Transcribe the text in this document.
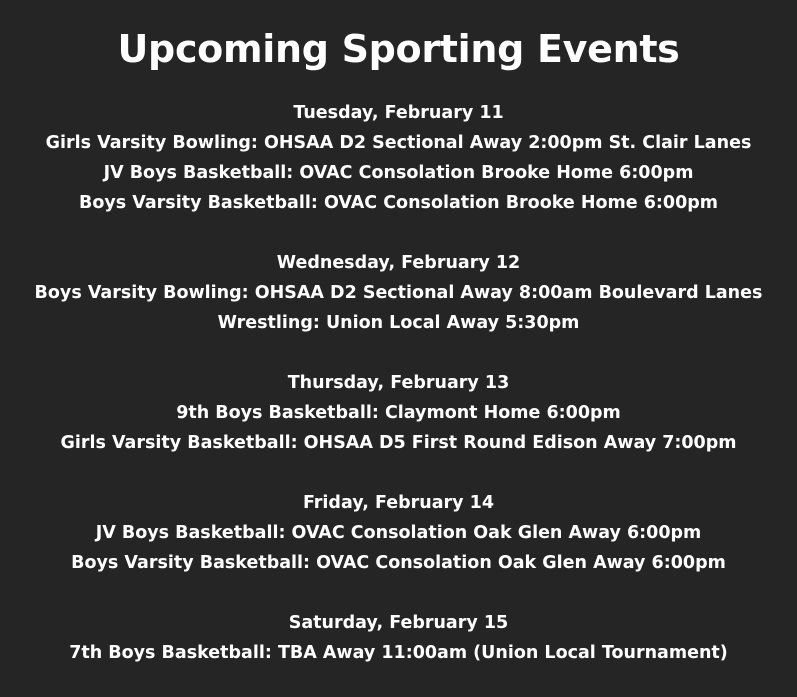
Upcoming Sporting Events
Tuesday, February 11
Girls Varsity Bowling: OHSAA D2 Sectional Away 2:00pm St. Clair Lanes
JV Boys Basketball: OVAC Consolation Brooke Home 6:00pm
Boys Varsity Basketball: OVAC Consolation Brooke Home 6:00pm
Wednesday, February 12
Boys Varsity Bowling: OHSAA D2 Sectional Away 8:00am Boulevard Lanes
Wrestling: Union Local Away 5:30pm
Thursday, February 13
9th Boys Basketball: Claymont Home 6:00pm
Girls Varsity Basketball: OHSAA D5 First Round Edison Away 7:00pm
Friday, February 14
JV Boys Basketball: OVAC Consolation Oak Glen Away 6:00pm
Boys Varsity Basketball: OVAC Consolation Oak Glen Away 6:00pm
Saturday, February 15
7th Boys Basketball: TBA Away 11:00am (Union Local Tournament)
